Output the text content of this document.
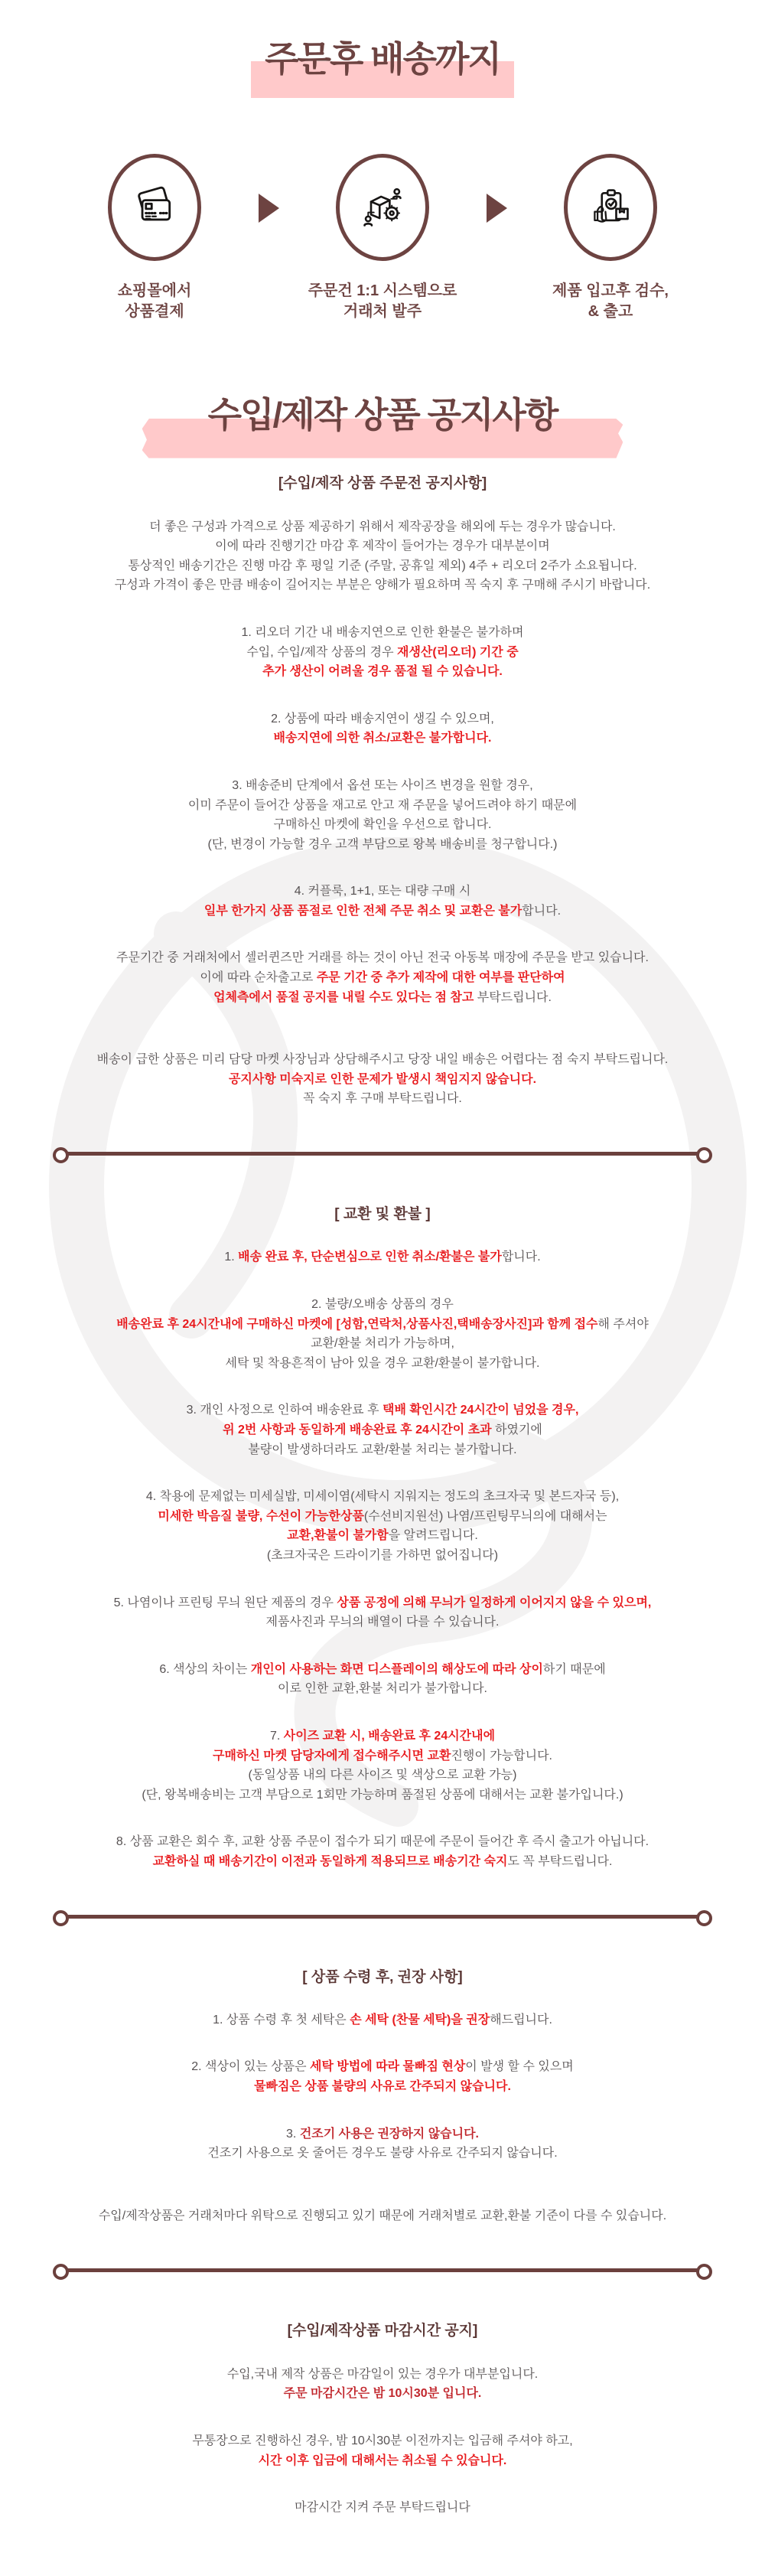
주문후 배송까지
쇼핑몰에서
상품결제
주문건 1:1 시스템으로
거래처 발주
제품 입고후 검수,
& 출고
수입/제작 상품 공지사항
[수입/제작 상품 주문전 공지사항]
더 좋은 구성과 가격으로 상품 제공하기 위해서 제작공장을 해외에 두는 경우가 많습니다.
이에 따라 진행기간 마감 후 제작이 들어가는 경우가 대부분이며
통상적인 배송기간은 진행 마감 후 평일 기준 (주말, 공휴일 제외) 4주 + 리오더 2주가 소요됩니다.
구성과 가격이 좋은 만큼 배송이 길어지는 부분은 양해가 필요하며 꼭 숙지 후 구매해 주시기 바랍니다.
1. 리오더 기간 내 배송지연으로 인한 환불은 불가하며
수입, 수입/제작 상품의 경우 재생산(리오더) 기간 중
추가 생산이 어려울 경우 품절 될 수 있습니다.
2. 상품에 따라 배송지연이 생길 수 있으며,
배송지연에 의한 취소/교환은 불가합니다.
3. 배송준비 단계에서 옵션 또는 사이즈 변경을 원할 경우,
이미 주문이 들어간 상품을 재고로 안고 재 주문을 넣어드려야 하기 때문에
구매하신 마켓에 확인을 우선으로 합니다.
(단, 변경이 가능할 경우 고객 부담으로 왕복 배송비를 청구합니다.)
4. 커플룩, 1+1, 또는 대량 구매 시
일부 한가지 상품 품절로 인한 전체 주문 취소 및 교환은 불가합니다.
주문기간 중 거래처에서 셀러퀸즈만 거래를 하는 것이 아닌 전국 아동복 매장에 주문을 받고 있습니다.
이에 따라 순차출고로 주문 기간 중 추가 제작에 대한 여부를 판단하여
업체측에서 품절 공지를 내릴 수도 있다는 점 참고 부탁드립니다.
배송이 급한 상품은 미리 담당 마켓 사장님과 상담해주시고 당장 내일 배송은 어렵다는 점 숙지 부탁드립니다.
공지사항 미숙지로 인한 문제가 발생시 책임지지 않습니다.
꼭 숙지 후 구매 부탁드립니다.
[ 교환 및 환불 ]
1. 배송 완료 후, 단순변심으로 인한 취소/환불은 불가합니다.
2. 불량/오배송 상품의 경우
배송완료 후 24시간내에 구매하신 마켓에 [성함,연락처,상품사진,택배송장사진]과 함께 접수해 주셔야
교환/환불 처리가 가능하며,
세탁 및 착용흔적이 남아 있을 경우 교환/환불이 불가합니다.
3. 개인 사정으로 인하여 배송완료 후 택배 확인시간 24시간이 넘었을 경우,
위 2번 사항과 동일하게 배송완료 후 24시간이 초과 하였기에
불량이 발생하더라도 교환/환불 처리는 불가합니다.
4. 착용에 문제없는 미세실밥, 미세이염(세탁시 지워지는 정도의 초크자국 및 본드자국 등),
미세한 박음질 불량, 수선이 가능한상품(수선비지원선) 나염/프린팅무늬의에 대해서는
교환,환불이 불가함을 알려드립니다.
(초크자국은 드라이기를 가하면 없어집니다)
5. 나염이나 프린팅 무늬 원단 제품의 경우 상품 공정에 의해 무늬가 일정하게 이어지지 않을 수 있으며,
제품사진과 무늬의 배열이 다를 수 있습니다.
6. 색상의 차이는 개인이 사용하는 화면 디스플레이의 해상도에 따라 상이하기 때문에
이로 인한 교환,환불 처리가 불가합니다.
7. 사이즈 교환 시, 배송완료 후 24시간내에
구매하신 마켓 담당자에게 접수해주시면 교환진행이 가능합니다.
(동일상품 내의 다른 사이즈 및 색상으로 교환 가능)
(단, 왕복배송비는 고객 부담으로 1회만 가능하며 품절된 상품에 대해서는 교환 불가입니다.)
8. 상품 교환은 회수 후, 교환 상품 주문이 접수가 되기 때문에 주문이 들어간 후 즉시 출고가 아닙니다.
교환하실 때 배송기간이 이전과 동일하게 적용되므로 배송기간 숙지도 꼭 부탁드립니다.
[ 상품 수령 후, 권장 사항]
1. 상품 수령 후 첫 세탁은 손 세탁 (찬물 세탁)을 권장해드립니다.
2. 색상이 있는 상품은 세탁 방법에 따라 물빠짐 현상이 발생 할 수 있으며
물빠짐은 상품 불량의 사유로 간주되지 않습니다.
3. 건조기 사용은 권장하지 않습니다.
건조기 사용으로 옷 줄어든 경우도 불량 사유로 간주되지 않습니다.
수입/제작상품은 거래처마다 위탁으로 진행되고 있기 때문에 거래처별로 교환,환불 기준이 다를 수 있습니다.
[수입/제작상품 마감시간 공지]
수입,국내 제작 상품은 마감일이 있는 경우가 대부분입니다.
주문 마감시간은 밤 10시30분 입니다.
무통장으로 진행하신 경우, 밤 10시30분 이전까지는 입금해 주셔야 하고,
시간 이후 입금에 대해서는 취소될 수 있습니다.
마감시간 지켜 주문 부탁드립니다
